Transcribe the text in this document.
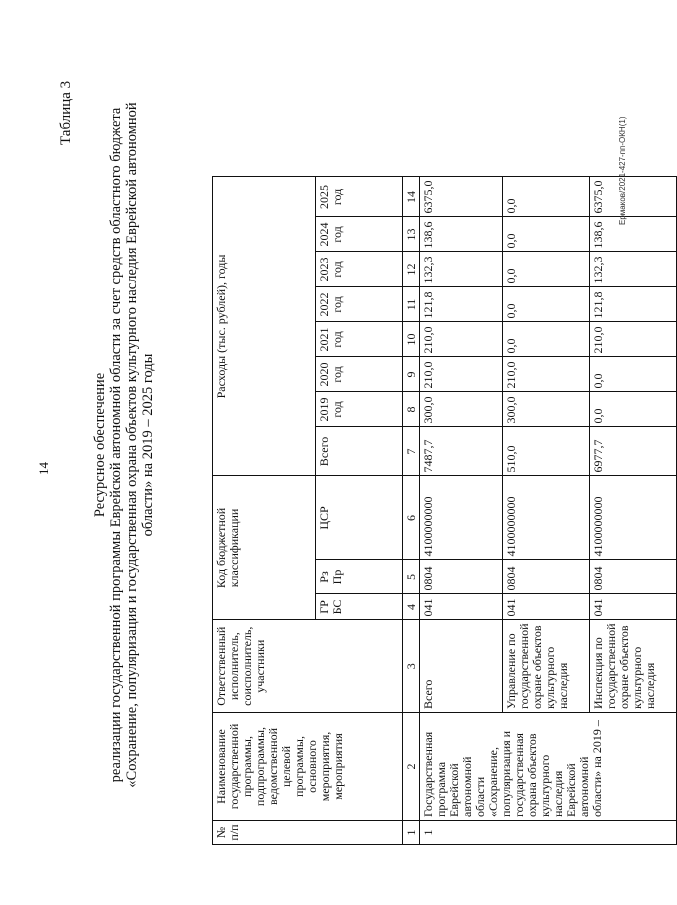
14
Таблица 3
Ресурсное обеспечение реализации государственной программы Еврейской автономной области за счет средств областного бюджета «Сохранение, популяризация и государственная охрана объектов культурного наследия Еврейской автономной области» на 2019 – 2025 годы
№ п/п	Наименование государственной программы, подпрограммы, ведомственной целевой программы, основного мероприятия, мероприятия	Ответственный исполнитель, соисполнитель, участники	Код бюджетной классификации			Расходы (тыс. рублей), годы							
			ГР БС	Рз Пр	ЦСР	Всего	2019 год	2020 год	2021 год	2022 год	2023 год	2024 год	2025 год
1	2	3	4	5	6	7	8	9	10	11	12	13	14
1	Государственная программа Еврейской автономной области «Сохранение, популяризация и государственная охрана объектов культурного наследия Еврейской автономной области» на 2019 –	Всего	041	0804	4100000000	7487,7	300,0	210,0	210,0	121,8	132,3	138,6	6375,0
		Управление по государственной охране объектов культурного наследия	041	0804	4100000000	510,0	300,0	210,0	0,0	0,0	0,0	0,0	0,0
		Инспекция по государственной охране объектов культурного наследия	041	0804	4100000000	6977,7	0,0	0,0	210,0	121,8	132,3	138,6	6375,0 Ермаков/2021-427-пп-ОКН(1)
